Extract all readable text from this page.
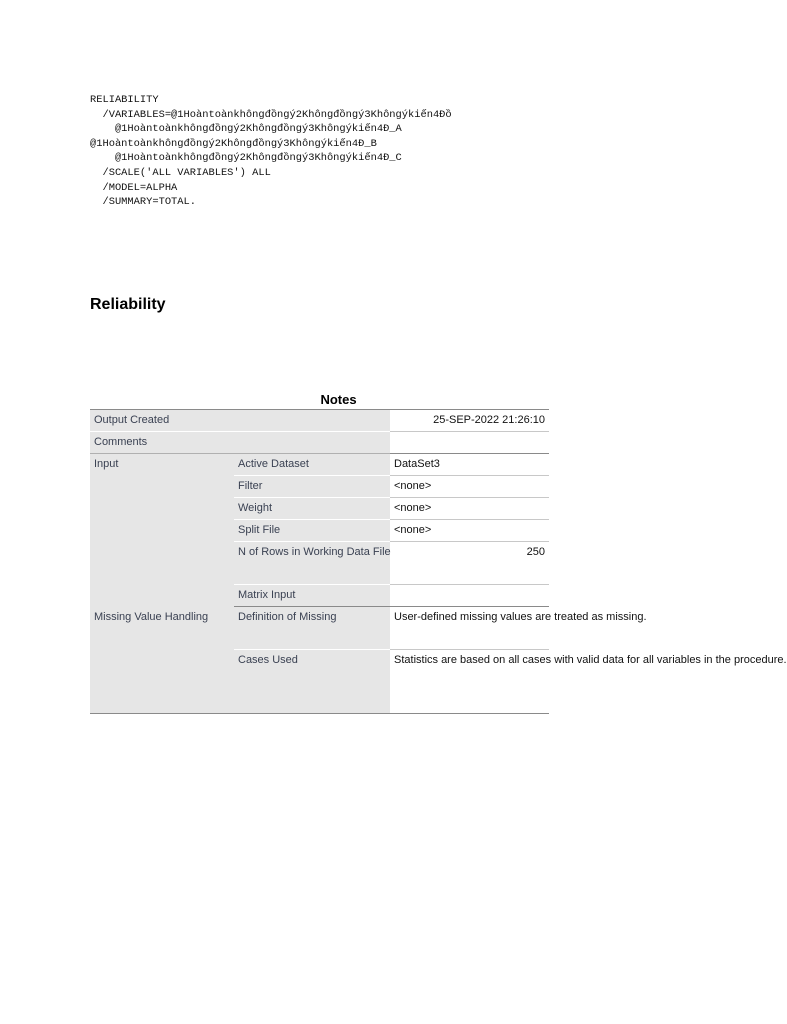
RELIABILITY
/VARIABLES=@1Hoàntoànkhôngđồngý2Khôngđồngý3Khôngýkiến4Đồ
@1Hoàntoànkhôngđồngý2Khôngđồngý3Khôngýkiến4Đ_A
@1Hoàntoànkhôngđồngý2Khôngđồngý3Khôngýkiến4Đ_B
@1Hoàntoànkhôngđồngý2Khôngđồngý3Khôngýkiến4Đ_C
/SCALE('ALL VARIABLES') ALL
/MODEL=ALPHA
/SUMMARY=TOTAL.
Reliability
Notes
Output Created		25-SEP-2022 21:26:10
Comments		
Input	Active Dataset	DataSet3
	Filter	<none>
	Weight	<none>
	Split File	<none>
	N of Rows in Working Data File	250
	Matrix Input	
Missing Value Handling	Definition of Missing	User-defined missing values are treated as missing.
	Cases Used	Statistics are based on all cases with valid data for all variables in the procedure.
